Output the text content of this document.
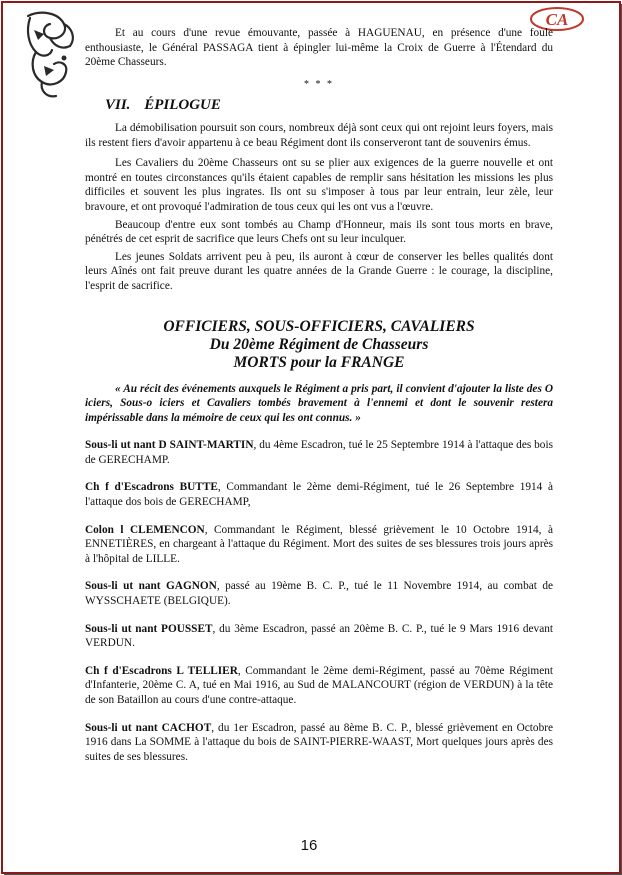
CA

Et au cours d'une revue émouvante, passée à HAGUENAU, en présence d'une foule enthousiaste, le Général PASSAGA tient à épingler lui-même la Croix de Guerre à l'Étendard du 20ème Chasseurs.

* * *
VII. ÉPILOGUE

La démobilisation poursuit son cours, nombreux déjà sont ceux qui ont rejoint leurs foyers, mais ils restent fiers d'avoir appartenu à ce beau Régiment dont ils conserveront tant de souvenirs émus.

Les Cavaliers du 20ème Chasseurs ont su se plier aux exigences de la guerre nouvelle et ont montré en toutes circonstances qu'ils étaient capables de remplir sans hésitation les missions les plus difficiles et souvent les plus ingrates. Ils ont su s'imposer à tous par leur entrain, leur zèle, leur bravoure, et ont provoqué l'admiration de tous ceux qui les ont vus a l'œuvre.

Beaucoup d'entre eux sont tombés au Champ d'Honneur, mais ils sont tous morts en brave, pénétrés de cet esprit de sacrifice que leurs Chefs ont su leur inculquer.

Les jeunes Soldats arrivent peu à peu, ils auront à cœur de conserver les belles qualités dont leurs Aînés ont fait preuve durant les quatre années de la Grande Guerre : le courage, la discipline, l'esprit de sacrifice.

OFFICIERS, SOUS-OFFICIERS, CAVALIERS
Du 20ème Régiment de Chasseurs
MORTS pour la FRANGE

« Au récit des événements auxquels le Régiment a pris part, il convient d'ajouter la liste des O iciers, Sous-o iciers et Cavaliers tombés bravement à l'ennemi et dont le souvenir restera impérissable dans la mémoire de ceux qui les ont connus. »

Sous-li ut nant D SAINT-MARTIN, du 4ème Escadron, tué le 25 Septembre 1914 à l'attaque des bois de GERECHAMP.

Ch f d'Escadrons BUTTE, Commandant le 2ème demi-Régiment, tué le 26 Septembre 1914 à l'attaque dos bois de GERECHAMP,

Colon l CLEMENCON, Commandant le Régiment, blessé grièvement le 10 Octobre 1914, à ENNETIÈRES, en chargeant à l'attaque du Régiment. Mort des suites de ses blessures trois jours après à l'hôpital de LILLE.

Sous-li ut nant GAGNON, passé au 19ème B. C. P., tué le 11 Novembre 1914, au combat de WYSSCHAETE (BELGIQUE).

Sous-li ut nant POUSSET, du 3ème Escadron, passé an 20ème B. C. P., tué le 9 Mars 1916 devant VERDUN.

Ch f d'Escadrons L TELLIER, Commandant le 2ème demi-Régiment, passé au 70ème Régiment d'Infanterie, 20ème C. A, tué en Mai 1916, au Sud de MALANCOURT (région de VERDUN) à la tête de son Bataillon au cours d'une contre-attaque.

Sous-li ut nant CACHOT, du 1er Escadron, passé au 8ème B. C. P., blessé grièvement en Octobre 1916 dans La SOMME à l'attaque du bois de SAINT-PIERRE-WAAST, Mort quelques jours après des suites de ses blessures.

16
